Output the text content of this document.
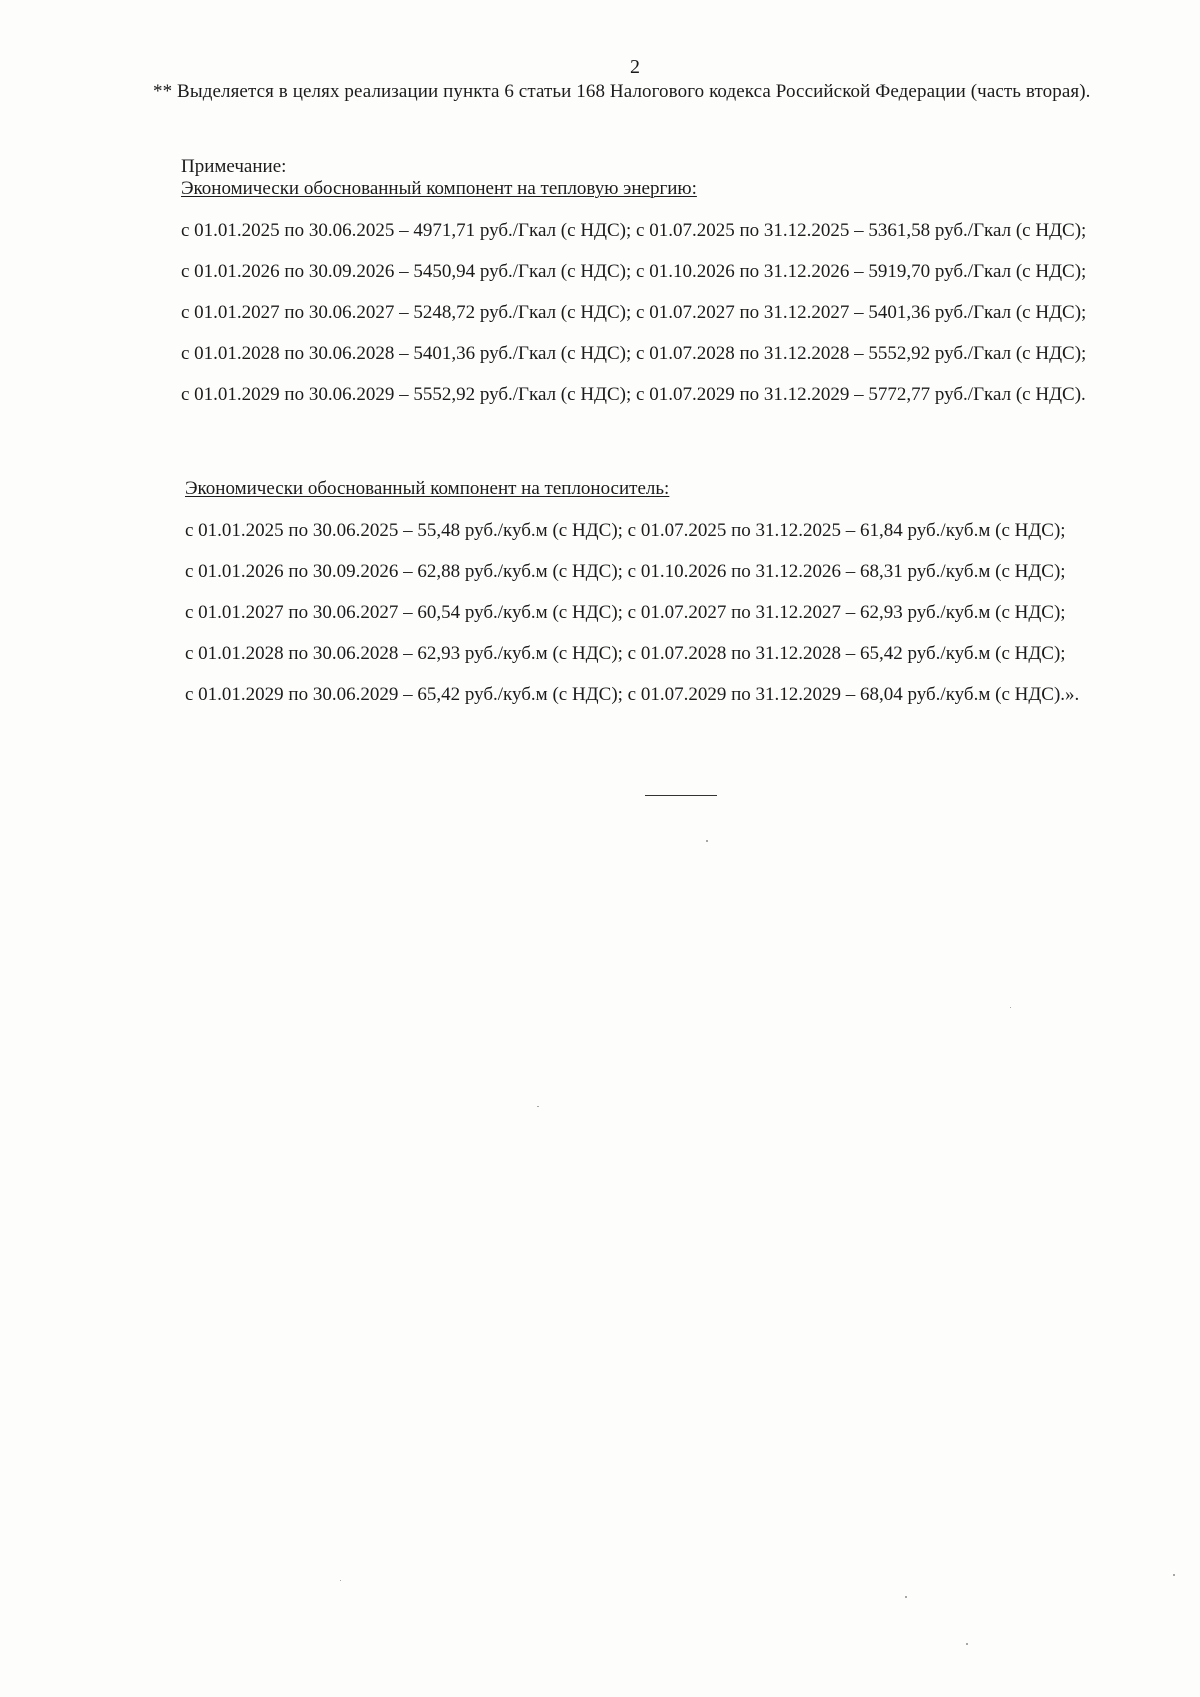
2
** Выделяется в целях реализации пункта 6 статьи 168 Налогового кодекса Российской Федерации (часть вторая).
Примечание:
Экономически обоснованный компонент на тепловую энергию:

с 01.01.2025 по 30.06.2025 – 4971,71 руб./Гкал (с НДС); с 01.07.2025 по 31.12.2025 – 5361,58 руб./Гкал (с НДС);

с 01.01.2026 по 30.09.2026 – 5450,94 руб./Гкал (с НДС); с 01.10.2026 по 31.12.2026 – 5919,70 руб./Гкал (с НДС);

с 01.01.2027 по 30.06.2027 – 5248,72 руб./Гкал (с НДС); с 01.07.2027 по 31.12.2027 – 5401,36 руб./Гкал (с НДС);

с 01.01.2028 по 30.06.2028 – 5401,36 руб./Гкал (с НДС); с 01.07.2028 по 31.12.2028 – 5552,92 руб./Гкал (с НДС);

с 01.01.2029 по 30.06.2029 – 5552,92 руб./Гкал (с НДС); с 01.07.2029 по 31.12.2029 – 5772,77 руб./Гкал (с НДС).

Экономически обоснованный компонент на теплоноситель:

с 01.01.2025 по 30.06.2025 – 55,48 руб./куб.м (с НДС); с 01.07.2025 по 31.12.2025 – 61,84 руб./куб.м (с НДС);

с 01.01.2026 по 30.09.2026 – 62,88 руб./куб.м (с НДС); с 01.10.2026 по 31.12.2026 – 68,31 руб./куб.м (с НДС);

с 01.01.2027 по 30.06.2027 – 60,54 руб./куб.м (с НДС); с 01.07.2027 по 31.12.2027 – 62,93 руб./куб.м (с НДС);

с 01.01.2028 по 30.06.2028 – 62,93 руб./куб.м (с НДС); с 01.07.2028 по 31.12.2028 – 65,42 руб./куб.м (с НДС);

с 01.01.2029 по 30.06.2029 – 65,42 руб./куб.м (с НДС); с 01.07.2029 по 31.12.2029 – 68,04 руб./куб.м (с НДС).».
